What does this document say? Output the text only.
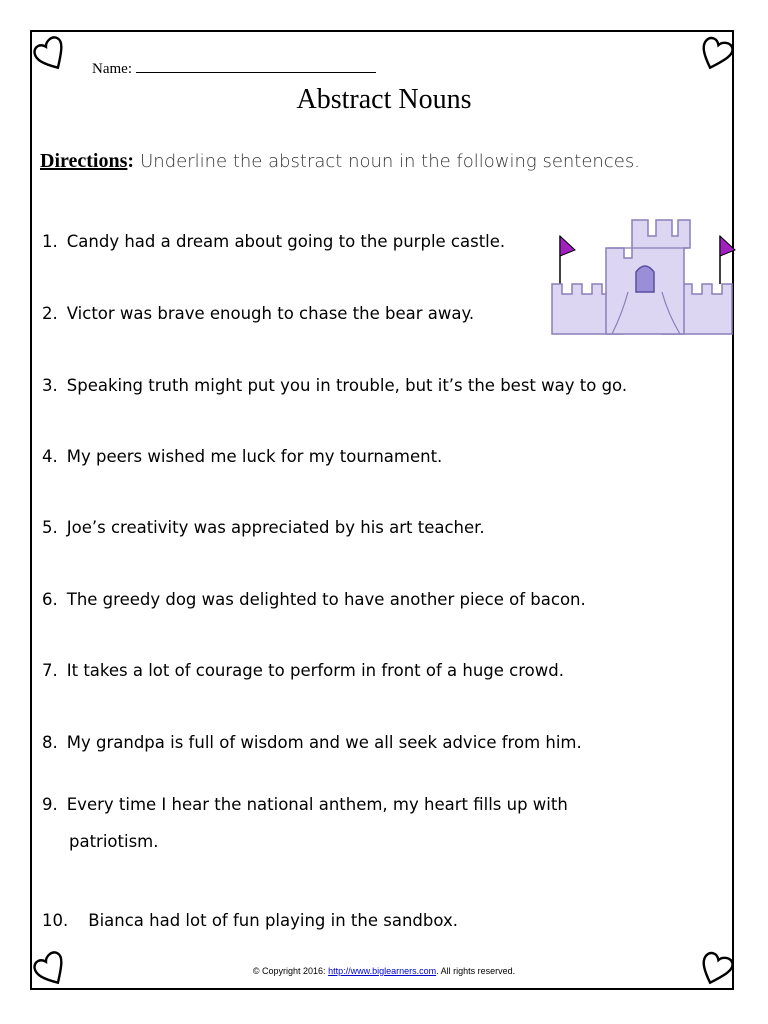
Name:
Abstract Nouns
Directions: Underline the abstract noun in the following sentences.
1. Candy had a dream about going to the purple castle.
2. Victor was brave enough to chase the bear away.
3. Speaking truth might put you in trouble, but it’s the best way to go.
4. My peers wished me luck for my tournament.
5. Joe’s creativity was appreciated by his art teacher.
6. The greedy dog was delighted to have another piece of bacon.
7. It takes a lot of courage to perform in front of a huge crowd.
8. My grandpa is full of wisdom and we all seek advice from him.
9. Every time I hear the national anthem, my heart fills up with
patriotism.
10. Bianca had lot of fun playing in the sandbox.
© Copyright 2016: http://www.biglearners.com. All rights reserved.
